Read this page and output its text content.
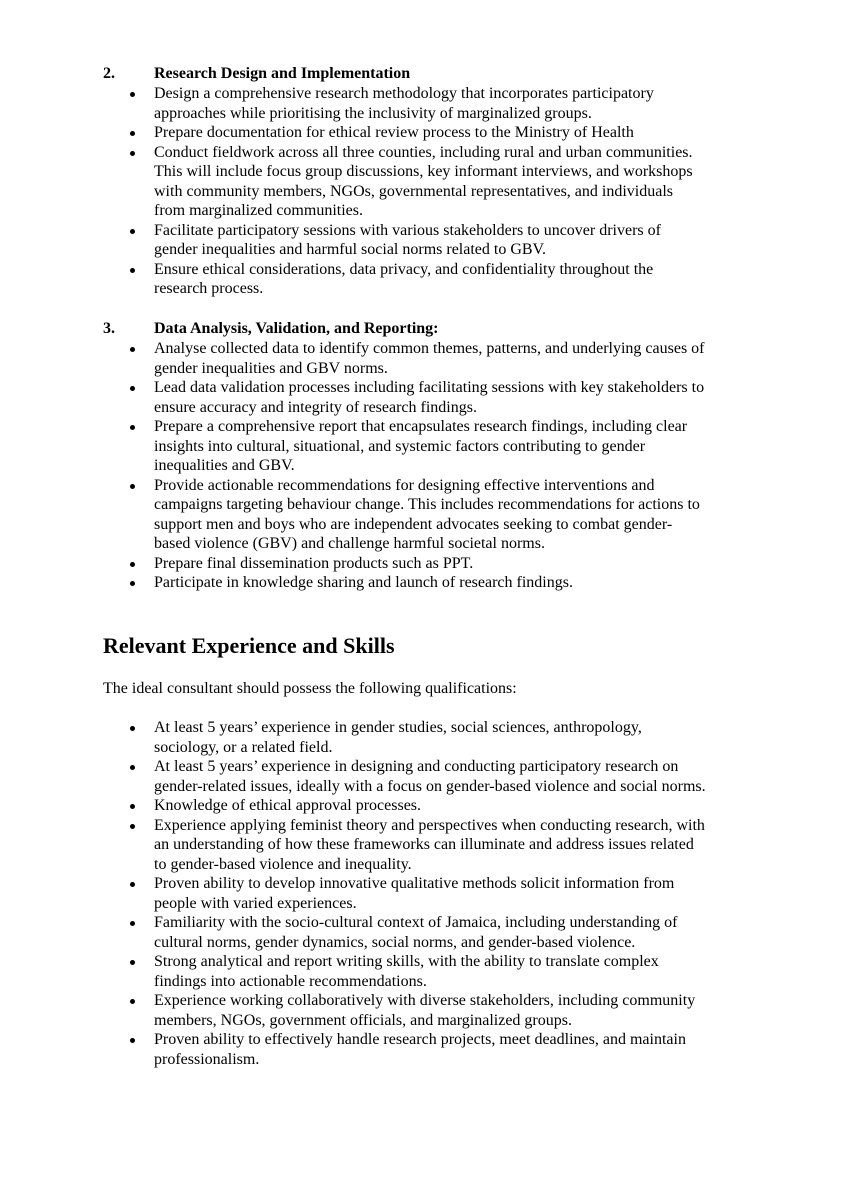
2. Research Design and Implementation
Design a comprehensive research methodology that incorporates participatory
approaches while prioritising the inclusivity of marginalized groups.
Prepare documentation for ethical review process to the Ministry of Health
Conduct fieldwork across all three counties, including rural and urban communities.
This will include focus group discussions, key informant interviews, and workshops
with community members, NGOs, governmental representatives, and individuals
from marginalized communities.
Facilitate participatory sessions with various stakeholders to uncover drivers of
gender inequalities and harmful social norms related to GBV.
Ensure ethical considerations, data privacy, and confidentiality throughout the
research process.
3. Data Analysis, Validation, and Reporting:
Analyse collected data to identify common themes, patterns, and underlying causes of
gender inequalities and GBV norms.
Lead data validation processes including facilitating sessions with key stakeholders to
ensure accuracy and integrity of research findings.
Prepare a comprehensive report that encapsulates research findings, including clear
insights into cultural, situational, and systemic factors contributing to gender
inequalities and GBV.
Provide actionable recommendations for designing effective interventions and
campaigns targeting behaviour change. This includes recommendations for actions to
support men and boys who are independent advocates seeking to combat gender-
based violence (GBV) and challenge harmful societal norms.
Prepare final dissemination products such as PPT.
Participate in knowledge sharing and launch of research findings.
Relevant Experience and Skills
The ideal consultant should possess the following qualifications:
At least 5 years’ experience in gender studies, social sciences, anthropology,
sociology, or a related field.
At least 5 years’ experience in designing and conducting participatory research on
gender-related issues, ideally with a focus on gender-based violence and social norms.
Knowledge of ethical approval processes.
Experience applying feminist theory and perspectives when conducting research, with
an understanding of how these frameworks can illuminate and address issues related
to gender-based violence and inequality.
Proven ability to develop innovative qualitative methods solicit information from
people with varied experiences.
Familiarity with the socio-cultural context of Jamaica, including understanding of
cultural norms, gender dynamics, social norms, and gender-based violence.
Strong analytical and report writing skills, with the ability to translate complex
findings into actionable recommendations.
Experience working collaboratively with diverse stakeholders, including community
members, NGOs, government officials, and marginalized groups.
Proven ability to effectively handle research projects, meet deadlines, and maintain
professionalism.
